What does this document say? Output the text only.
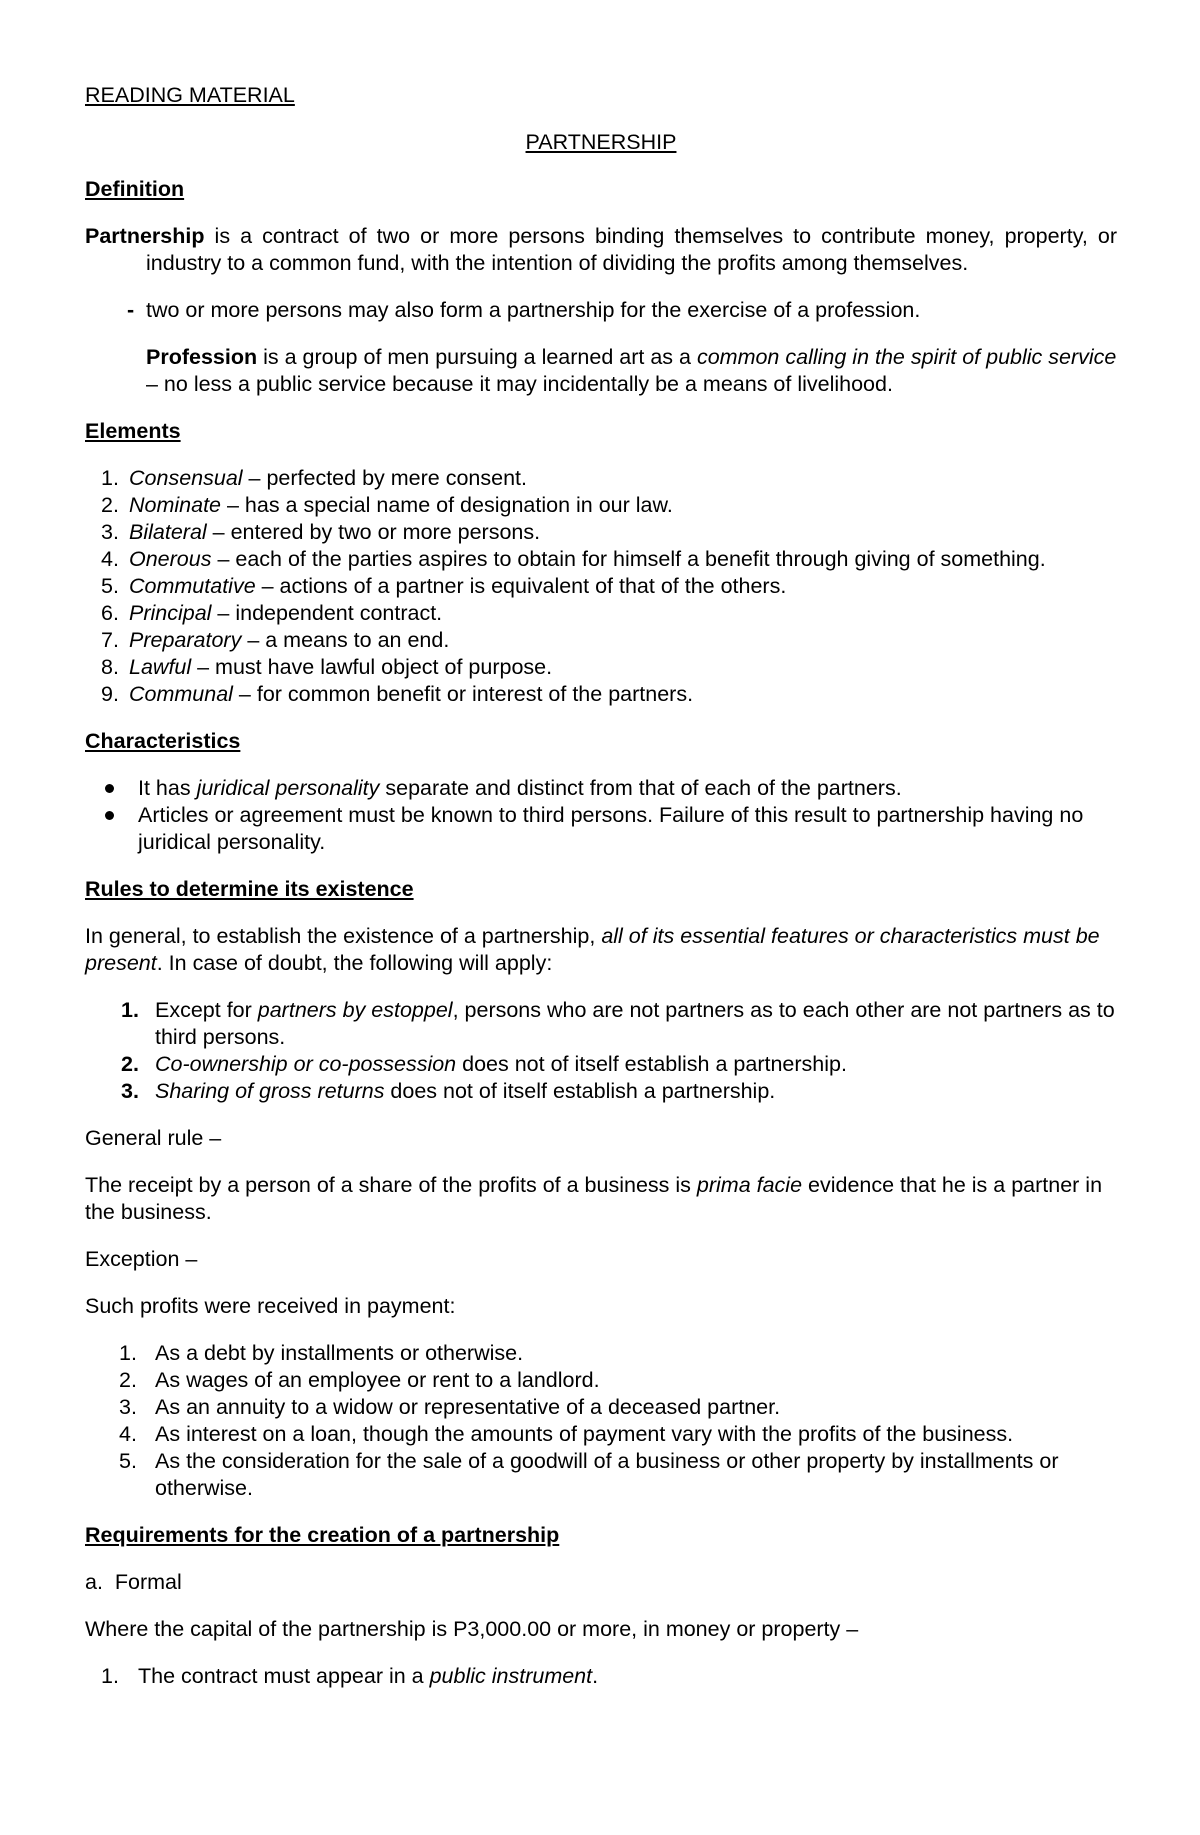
READING MATERIAL

PARTNERSHIP

Definition

Partnership is a contract of two or more persons binding themselves to contribute money, property, or industry to a common fund, with the intention of dividing the profits among themselves.

- two or more persons may also form a partnership for the exercise of a profession.

Profession is a group of men pursuing a learned art as a common calling in the spirit of public service – no less a public service because it may incidentally be a means of livelihood.

Elements
1. Consensual – perfected by mere consent.
2. Nominate – has a special name of designation in our law.
3. Bilateral – entered by two or more persons.
4. Onerous – each of the parties aspires to obtain for himself a benefit through giving of something.
5. Commutative – actions of a partner is equivalent of that of the others.
6. Principal – independent contract.
7. Preparatory – a means to an end.
8. Lawful – must have lawful object of purpose.
9. Communal – for common benefit or interest of the partners.
Characteristics
It has juridical personality separate and distinct from that of each of the partners.
Articles or agreement must be known to third persons. Failure of this result to partnership having no juridical personality.
Rules to determine its existence

In general, to establish the existence of a partnership, all of its essential features or characteristics must be present. In case of doubt, the following will apply:

1. Except for partners by estoppel, persons who are not partners as to each other are not partners as to third persons.
2. Co-ownership or co-possession does not of itself establish a partnership.
3. Sharing of gross returns does not of itself establish a partnership.

General rule –

The receipt by a person of a share of the profits of a business is prima facie evidence that he is a partner in the business.

Exception –

Such profits were received in payment:

1. As a debt by installments or otherwise.
2. As wages of an employee or rent to a landlord.
3. As an annuity to a widow or representative of a deceased partner.
4. As interest on a loan, though the amounts of payment vary with the profits of the business.
5. As the consideration for the sale of a goodwill of a business or other property by installments or otherwise.
Requirements for the creation of a partnership

a.  Formal

Where the capital of the partnership is P3,000.00 or more, in money or property –

1. The contract must appear in a public instrument.
